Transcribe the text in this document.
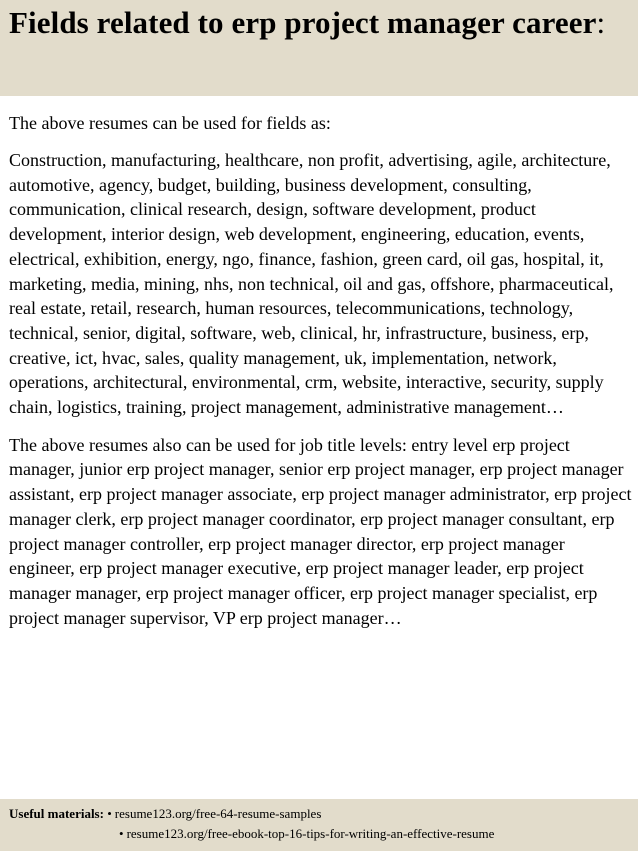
Fields related to erp project manager career:

The above resumes can be used for fields as:

Construction, manufacturing, healthcare, non profit, advertising, agile, architecture, automotive, agency, budget, building, business development, consulting, communication, clinical research, design, software development, product development, interior design, web development, engineering, education, events, electrical, exhibition, energy, ngo, finance, fashion, green card, oil gas, hospital, it, marketing, media, mining, nhs, non technical, oil and gas, offshore, pharmaceutical, real estate, retail, research, human resources, telecommunications, technology, technical, senior, digital, software, web, clinical, hr, infrastructure, business, erp, creative, ict, hvac, sales, quality management, uk, implementation, network, operations, architectural, environmental, crm, website, interactive, security, supply chain, logistics, training, project management, administrative management…

The above resumes also can be used for job title levels: entry level erp project manager, junior erp project manager, senior erp project manager, erp project manager assistant, erp project manager associate, erp project manager administrator, erp project manager clerk, erp project manager coordinator, erp project manager consultant, erp project manager controller, erp project manager director, erp project manager engineer, erp project manager executive, erp project manager leader, erp project manager manager, erp project manager officer, erp project manager specialist, erp project manager supervisor, VP erp project manager…

Useful materials: • resume123.org/free-64-resume-samples
• resume123.org/free-ebook-top-16-tips-for-writing-an-effective-resume
